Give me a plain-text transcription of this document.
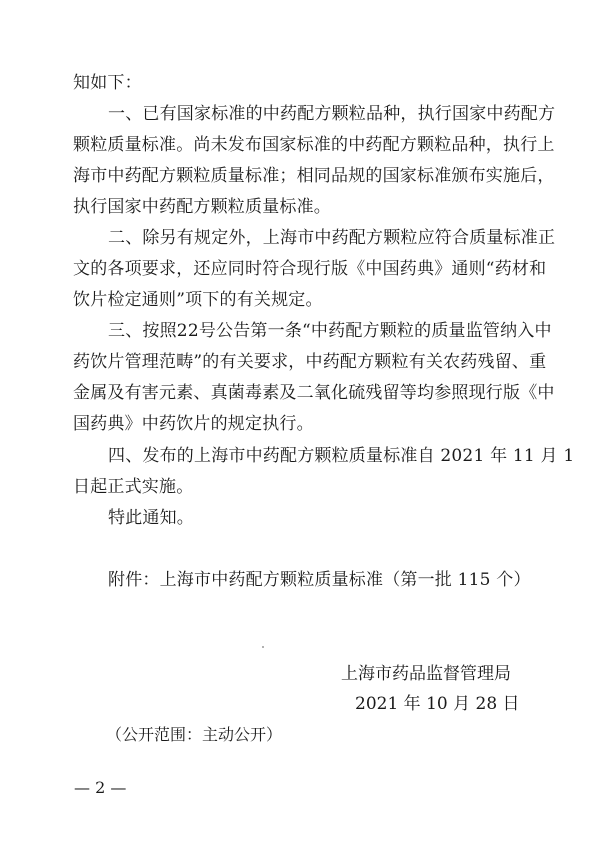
知如下：
一、已有国家标准的中药配方颗粒品种，执行国家中药配方
颗粒质量标准。尚未发布国家标准的中药配方颗粒品种，执行上
海市中药配方颗粒质量标准；相同品规的国家标准颁布实施后，
执行国家中药配方颗粒质量标准。
二、除另有规定外，上海市中药配方颗粒应符合质量标准正
文的各项要求，还应同时符合现行版《中国药典》通则“药材和
饮片检定通则”项下的有关规定。
三、按照22号公告第一条“中药配方颗粒的质量监管纳入中
药饮片管理范畴”的有关要求，中药配方颗粒有关农药残留、重
金属及有害元素、真菌毒素及二氧化硫残留等均参照现行版《中
国药典》中药饮片的规定执行。
四、发布的上海市中药配方颗粒质量标准自 2021 年 11 月 1
日起正式实施。
特此通知。
附件：上海市中药配方颗粒质量标准（第一批 115 个）
上海市药品监督管理局
2021 年 10 月 28 日
（公开范围：主动公开）
— 2 —
